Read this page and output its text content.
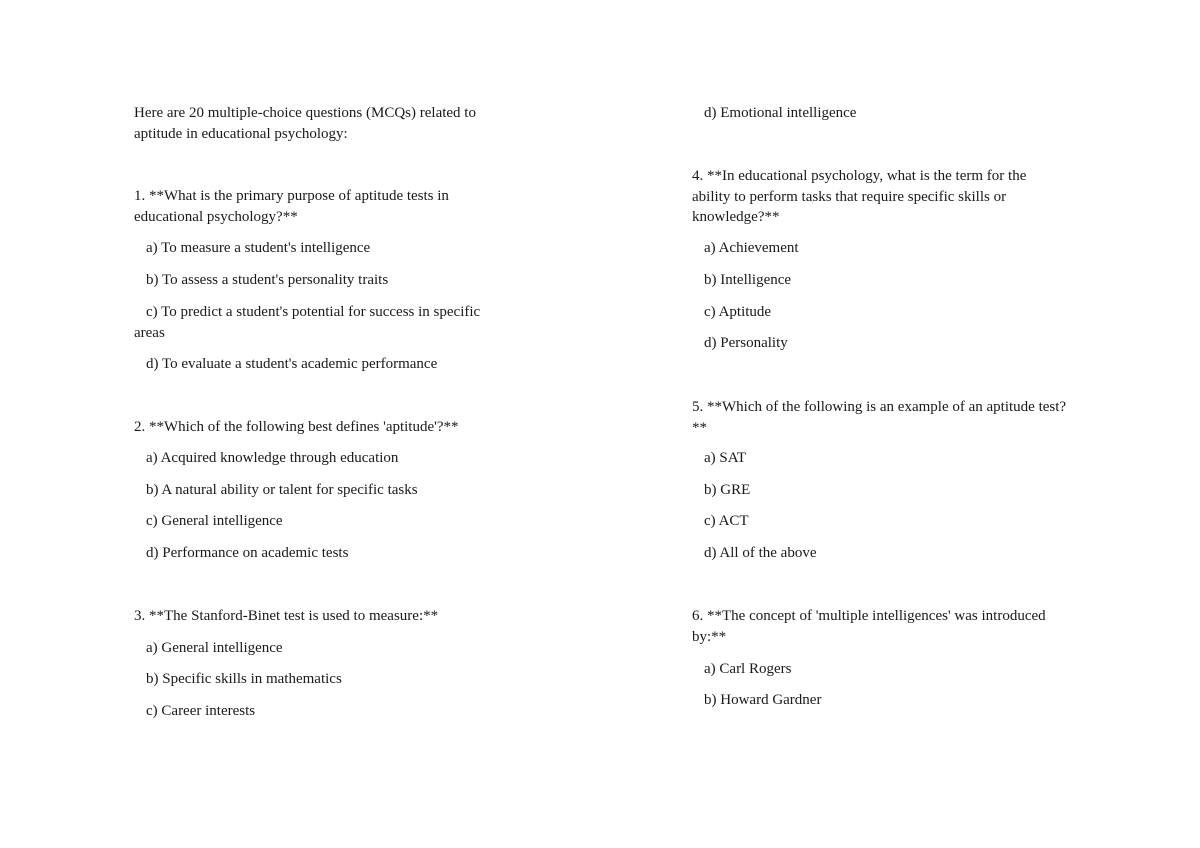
Here are 20 multiple-choice questions (MCQs) related to
aptitude in educational psychology:
1. **What is the primary purpose of aptitude tests in
educational psychology?**
a) To measure a student's intelligence
b) To assess a student's personality traits
c) To predict a student's potential for success in specific
areas
d) To evaluate a student's academic performance
2. **Which of the following best defines 'aptitude'?**
a) Acquired knowledge through education
b) A natural ability or talent for specific tasks
c) General intelligence
d) Performance on academic tests
3. **The Stanford-Binet test is used to measure:**
a) General intelligence
b) Specific skills in mathematics
c) Career interests
d) Emotional intelligence
4. **In educational psychology, what is the term for the
ability to perform tasks that require specific skills or
knowledge?**
a) Achievement
b) Intelligence
c) Aptitude
d) Personality
5. **Which of the following is an example of an aptitude test?
**
a) SAT
b) GRE
c) ACT
d) All of the above
6. **The concept of 'multiple intelligences' was introduced
by:**
a) Carl Rogers
b) Howard Gardner
